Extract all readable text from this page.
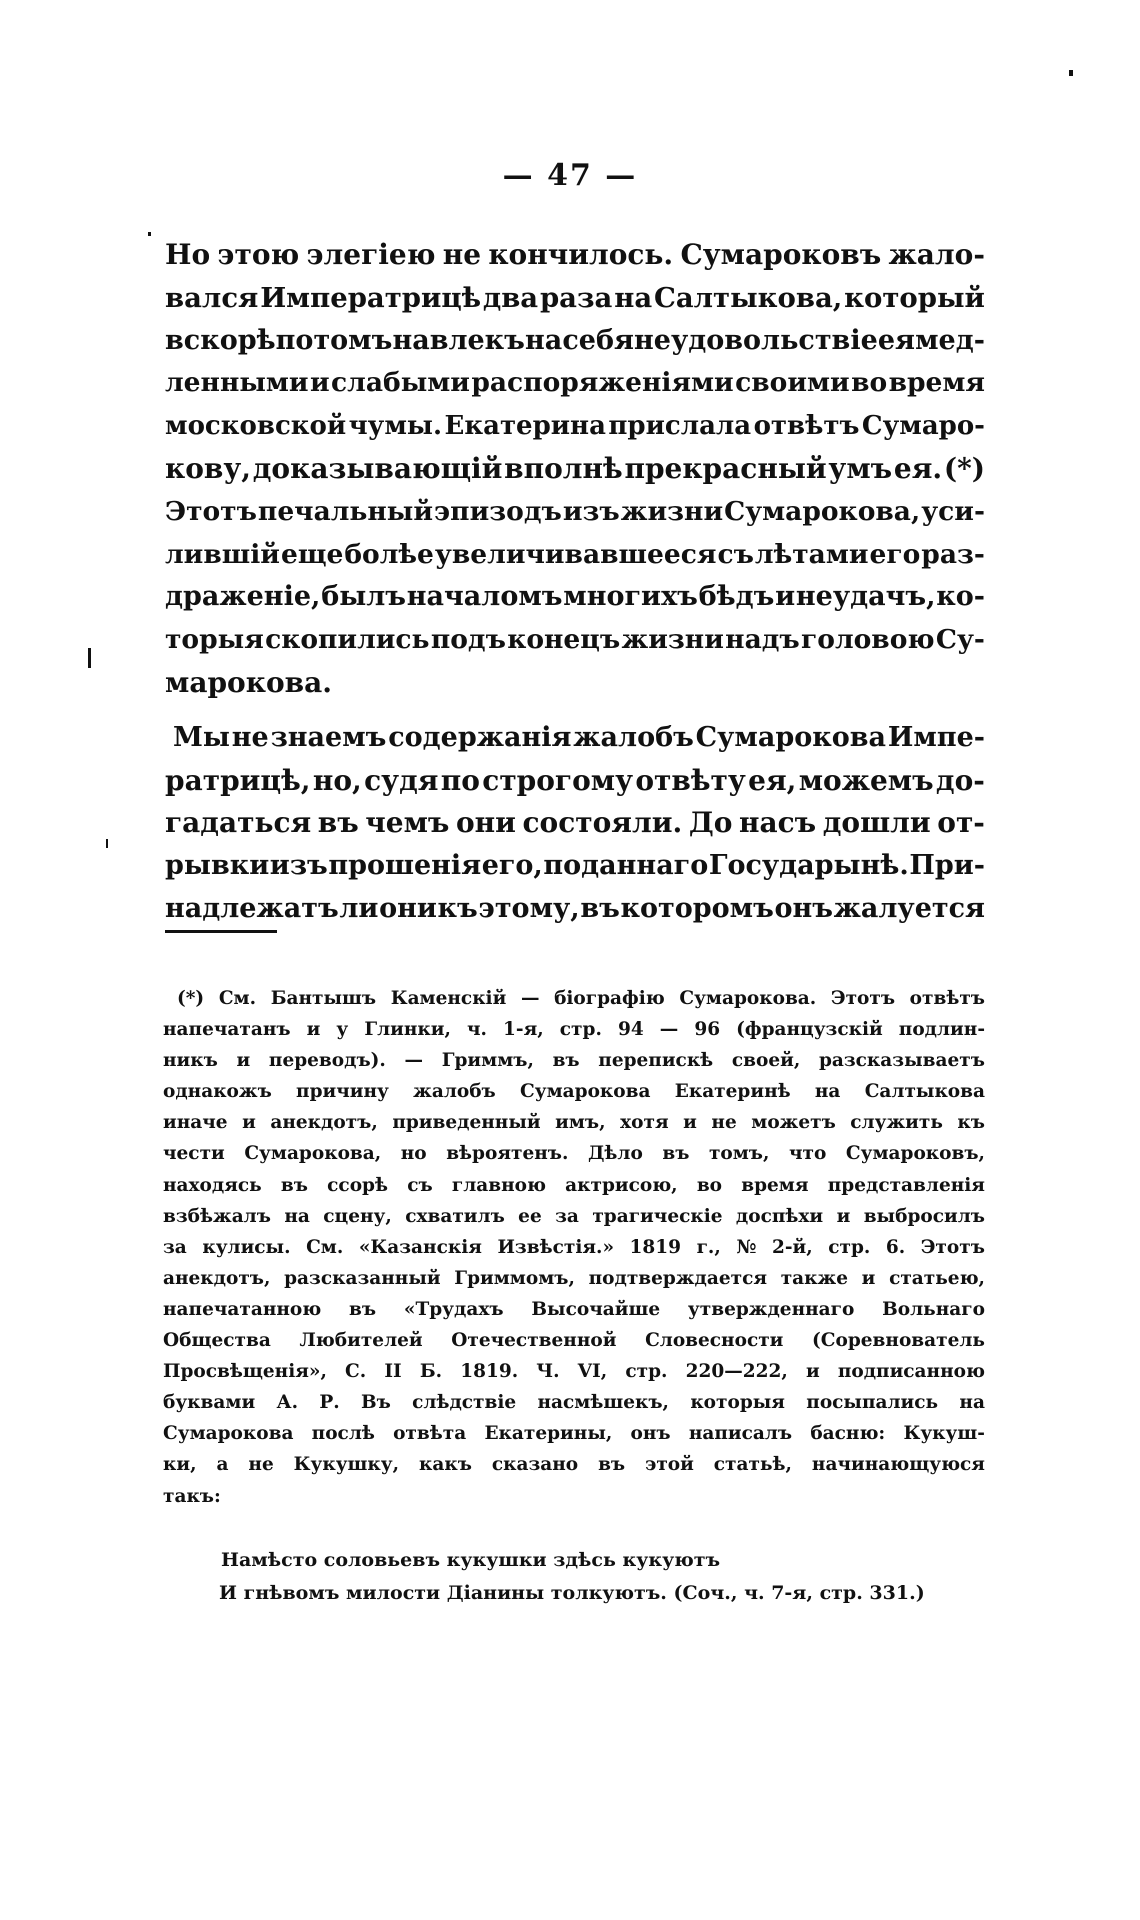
— 47 —
Но этою элегіею не кончилось. Сумароковъ жало-
вался Императрицѣ два раза на Салтыкова, который
вскорѣ потомъ навлекъ на себя неудовольствіе ея мед-
ленными и слабыми распоряженіями своими во время
московской чумы. Екатерина прислала отвѣтъ Сумаро-
кову, доказывающій вполнѣ прекрасный умъ ея. (*)
Этотъ печальный эпизодъ изъ жизни Сумарокова, уси-
лившій еще болѣе увеличивавшееся съ лѣтами его раз-
драженіе, былъ началомъ многихъ бѣдъ и неудачъ, ко-
торыя скопились подъ конецъ жизни надъ головою Су-
марокова.
Мы не знаемъ содержанія жалобъ Сумарокова Импе-
ратрицѣ, но, судя по строгому отвѣту ея, можемъ до-
гадаться въ чемъ они состояли. До насъ дошли от-
рывки изъ прошенія его, поданнаго Государынѣ. При-
надлежатъ ли они къ этому, въ которомъ онъ жалуется
(*) См. Бантышъ Каменскій — біографію Сумарокова. Этотъ отвѣтъ
напечатанъ и у Глинки, ч. 1-я, стр. 94 — 96 (французскій подлин-
никъ и переводъ). — Гриммъ, въ перепискѣ своей, разсказываетъ
однакожъ причину жалобъ Сумарокова Екатеринѣ на Салтыкова
иначе и анекдотъ, приведенный имъ, хотя и не можетъ служить къ
чести Сумарокова, но вѣроятенъ. Дѣло въ томъ, что Сумароковъ,
находясь въ ссорѣ съ главною актрисою, во время представленія
взбѣжалъ на сцену, схватилъ ее за трагическіе доспѣхи и выбросилъ
за кулисы. См. «Казанскія Извѣстія.» 1819 г., № 2-й, стр. 6. Этотъ
анекдотъ, разсказанный Гриммомъ, подтверждается также и статьею,
напечатанною въ «Трудахъ Высочайше утвержденнаго Вольнаго
Общества Любителей Отечественной Словесности (Соревнователь
Просвѣщенія», С. II Б. 1819. Ч. VI, стр. 220—222, и подписанною
буквами А. Р. Въ слѣдствіе насмѣшекъ, которыя посыпались на
Сумарокова послѣ отвѣта Екатерины, онъ написалъ басню: Кукуш-
ки, а не Кукушку, какъ сказано въ этой статьѣ, начинающуюся
такъ:
Намѣсто соловьевъ кукушки здѣсь кукуютъ
И гнѣвомъ милости Діанины толкуютъ. (Соч., ч. 7-я, стр. 331.)
